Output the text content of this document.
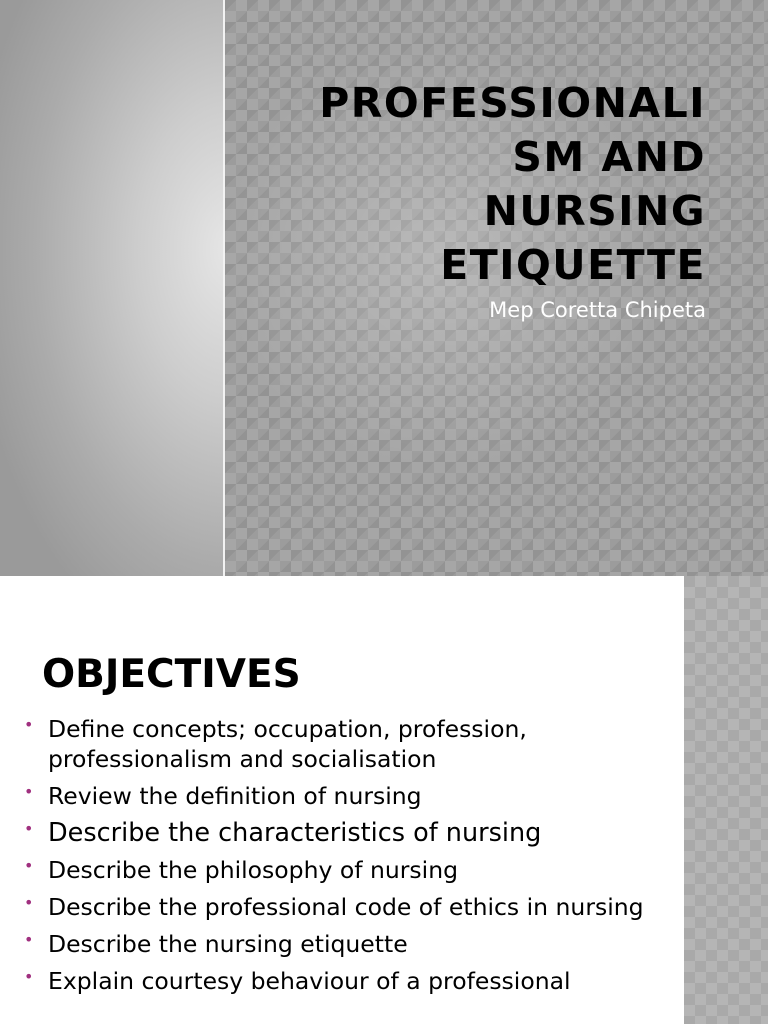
PROFESSIONALI
SM AND
NURSING
ETIQUETTE

Mep Coretta Chipeta

OBJECTIVES
• Define concepts; occupation, profession, professionalism and socialisation
• Review the definition of nursing
• Describe the characteristics of nursing
• Describe the philosophy of nursing
• Describe the professional code of ethics in nursing
• Describe the nursing etiquette
• Explain courtesy behaviour of a professional
